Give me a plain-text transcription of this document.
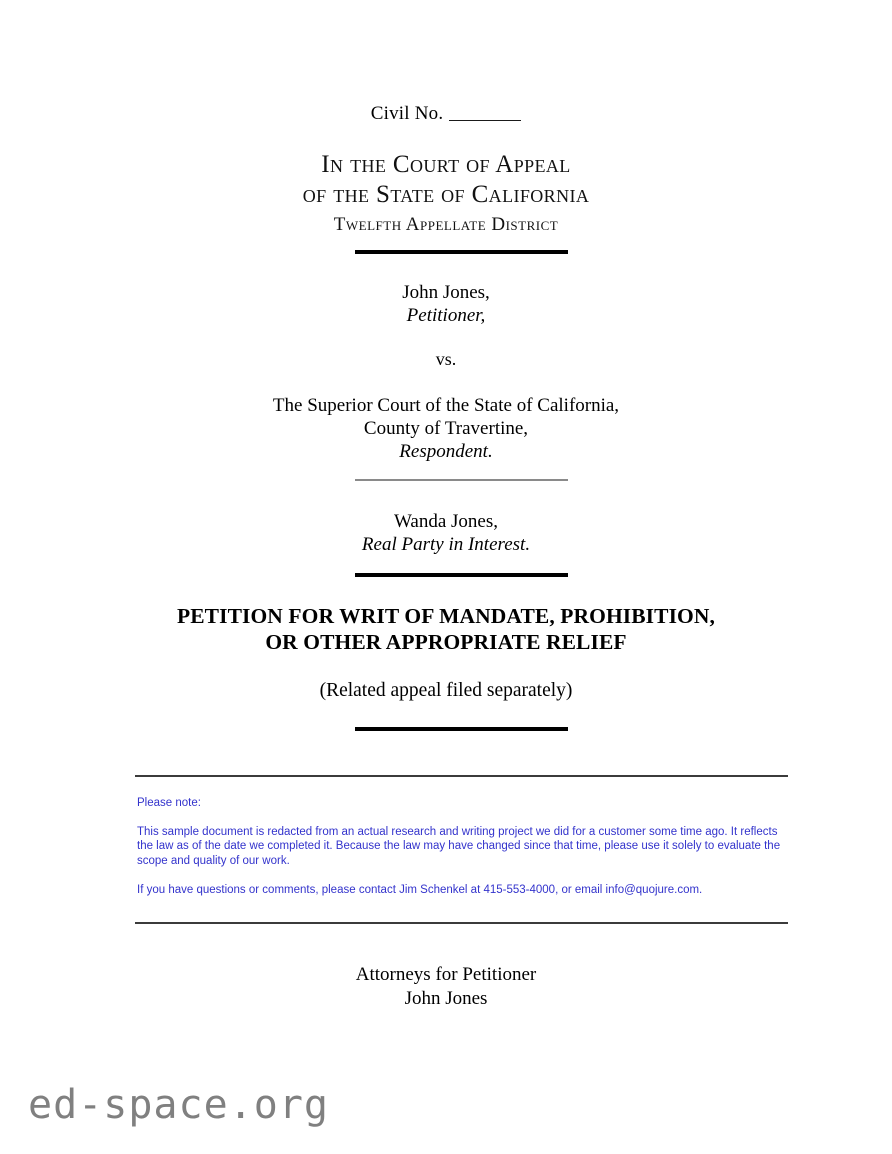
Civil No.
In the Court of Appeal
of the State of California
Twelfth Appellate District
John Jones,
Petitioner,
vs.
The Superior Court of the State of California,
County of Travertine,
Respondent.
Wanda Jones,
Real Party in Interest.
PETITION FOR WRIT OF MANDATE, PROHIBITION,
OR OTHER APPROPRIATE RELIEF
(Related appeal filed separately)

Please note:

This sample document is redacted from an actual research and writing project we did for a customer some time ago. It reflects the law as of the date we completed it. Because the law may have changed since that time, please use it solely to evaluate the scope and quality of our work.

If you have questions or comments, please contact Jim Schenkel at 415-553-4000, or email info@quojure.com.

Attorneys for Petitioner
John Jones
ed-space.org
